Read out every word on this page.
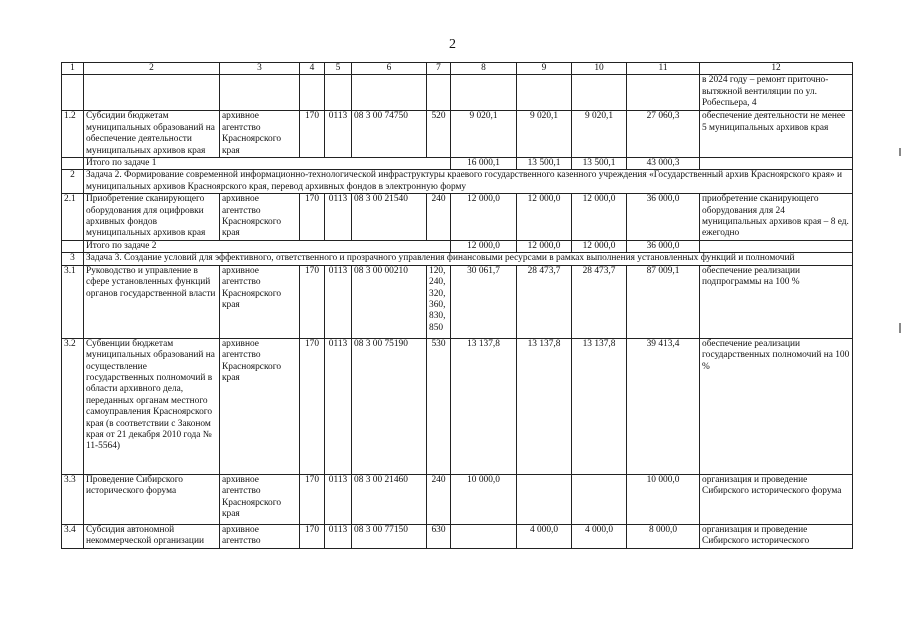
2
1	2	3	4	5	6	7	8	9	10	11	12
											в 2024 году – ремонт приточно-вытяжной вентиляции по ул. Робеспьера, 4
1.2	Субсидии бюджетам муниципальных образований на обеспечение деятельности муниципальных архивов края	архивное агентство Красноярского края	170	0113	08 3 00 74750	520	9 020,1	9 020,1	9 020,1	27 060,3	обеспечение деятельности не менее 5 муниципальных архивов края
	Итого по задаче 1						16 000,1	13 500,1	13 500,1	43 000,3	
2	Задача 2. Формирование современной информационно-технологической инфраструктуры краевого государственного казенного учреждения «Государственный архив Красноярского края» и муниципальных архивов Красноярского края, перевод архивных фондов в электронную форму										
2.1	Приобретение сканирующего оборудования для оцифровки архивных фондов муниципальных архивов края	архивное агентство Красноярского края	170	0113	08 3 00 21540	240	12 000,0	12 000,0	12 000,0	36 000,0	приобретение сканирующего оборудования для 24 муниципальных архивов края – 8 ед. ежегодно
	Итого по задаче 2						12 000,0	12 000,0	12 000,0	36 000,0	
3	Задача 3. Создание условий для эффективного, ответственного и прозрачного управления финансовыми ресурсами в рамках выполнения установленных функций и полномочий										
3.1	Руководство и управление в сфере установленных функций органов государственной власти	архивное агентство Красноярского края	170	0113	08 3 00 00210	120, 240, 320, 360, 830, 850	30 061,7	28 473,7	28 473,7	87 009,1	обеспечение реализации подпрограммы на 100 %
3.2	Субвенции бюджетам муниципальных образований на осуществление государственных полномочий в области архивного дела, переданных органам местного самоуправления Красноярского края (в соответствии с Законом края от 21 декабря 2010 года № 11-5564)	архивное агентство Красноярского края	170	0113	08 3 00 75190	530	13 137,8	13 137,8	13 137,8	39 413,4	обеспечение реализации государственных полномочий на 100 %
3.3	Проведение Сибирского исторического форума	архивное агентство Красноярского края	170	0113	08 3 00 21460	240	10 000,0			10 000,0	организация и проведение Сибирского исторического форума
3.4	Субсидия автономной некоммерческой организации	архивное агентство	170	0113	08 3 00 77150	630		4 000,0	4 000,0	8 000,0	организация и проведение Сибирского исторического
